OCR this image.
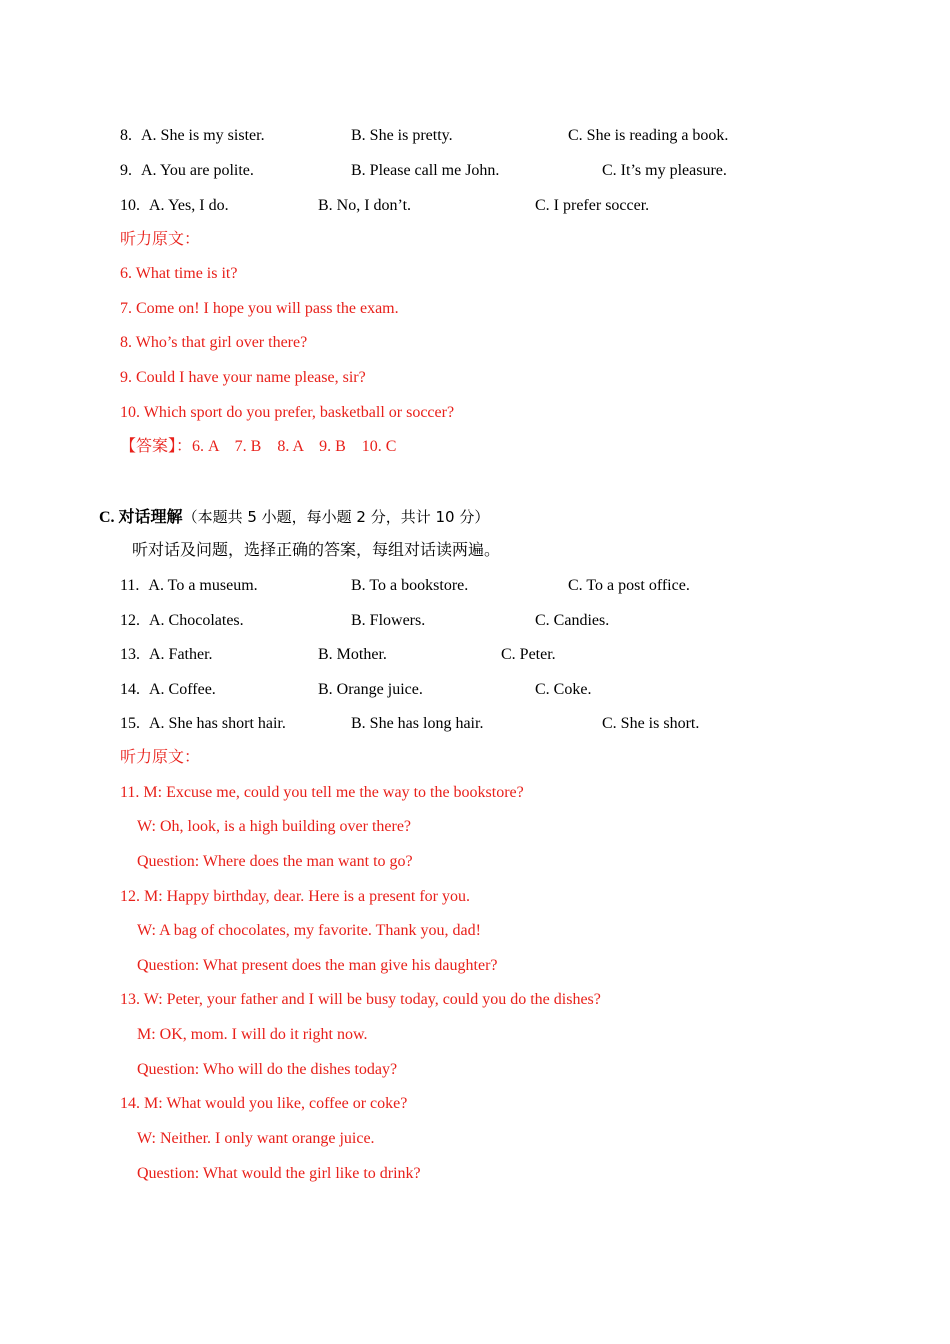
8. A. She is my sister.	B. She is pretty.	C. She is reading a book.
9. A. You are polite.	B. Please call me John.	C. It’s my pleasure.
10. A. Yes, I do.	B. No, I don’t.	C. I prefer soccer.
听力原文：
6. What time is it?
7. Come on! I hope you will pass the exam.
8. Who’s that girl over there?
9. Could I have your name please, sir?
10. Which sport do you prefer, basketball or soccer?
【答案】：6. A    7. B    8. A    9. B    10. C
C. 对话理解（本题共 5 小题，每小题 2 分，共计 10 分）
听对话及问题，选择正确的答案，每组对话读两遍。
11. A. To a museum.	B. To a bookstore.	C. To a post office.
12. A. Chocolates.	B. Flowers.	C. Candies.
13. A. Father.	B. Mother.	C. Peter.
14. A. Coffee.	B. Orange juice.	C. Coke.
15. A. She has short hair.	B. She has long hair.	C. She is short.
听力原文：
11. M: Excuse me, could you tell me the way to the bookstore?
W: Oh, look, is a high building over there?
Question: Where does the man want to go?
12. M: Happy birthday, dear. Here is a present for you.
W: A bag of chocolates, my favorite. Thank you, dad!
Question: What present does the man give his daughter?
13. W: Peter, your father and I will be busy today, could you do the dishes?
M: OK, mom. I will do it right now.
Question: Who will do the dishes today?
14. M: What would you like, coffee or coke?
W: Neither. I only want orange juice.
Question: What would the girl like to drink?
